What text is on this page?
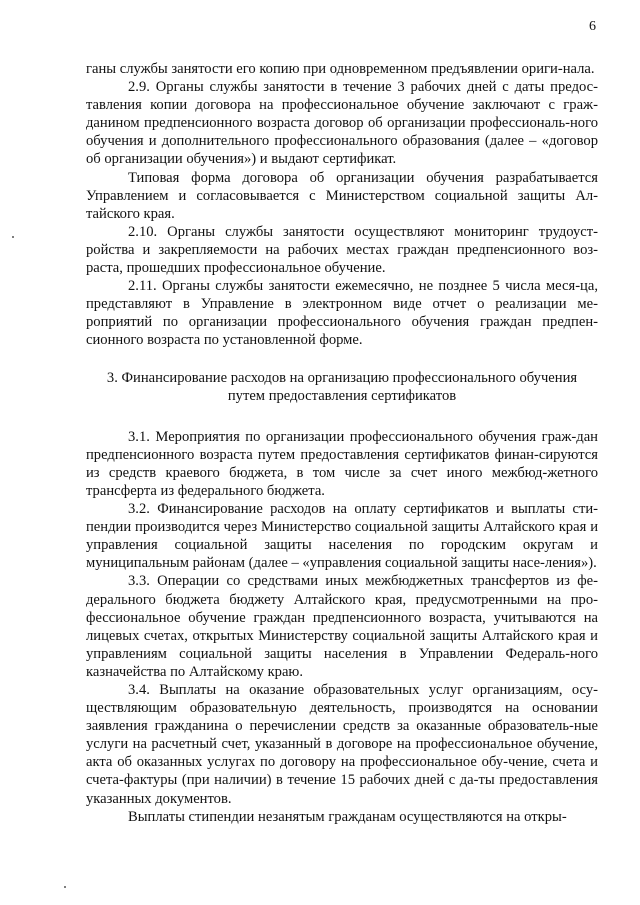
6

ганы службы занятости его копию при одновременном предъявлении ориги-нала.

2.9. Органы службы занятости в течение 3 рабочих дней с даты предос-тавления копии договора на профессиональное обучение заключают с граж-данином предпенсионного возраста договор об организации профессиональ-ного обучения и дополнительного профессионального образования (далее – «договор об организации обучения») и выдают сертификат.

Типовая форма договора об организации обучения разрабатывается Управлением и согласовывается с Министерством социальной защиты Ал-тайского края.

2.10. Органы службы занятости осуществляют мониторинг трудоуст-ройства и закрепляемости на рабочих местах граждан предпенсионного воз-раста, прошедших профессиональное обучение.

2.11. Органы службы занятости ежемесячно, не позднее 5 числа меся-ца, представляют в Управление в электронном виде отчет о реализации ме-роприятий по организации профессионального обучения граждан предпен-сионного возраста по установленной форме.

3. Финансирование расходов на организацию профессионального обучения
путем предоставления сертификатов

3.1. Мероприятия по организации профессионального обучения граж-дан предпенсионного возраста путем предоставления сертификатов финан-сируются из средств краевого бюджета, в том числе за счет иного межбюд-жетного трансферта из федерального бюджета.

3.2. Финансирование расходов на оплату сертификатов и выплаты сти-пендии производится через Министерство социальной защиты Алтайского края и управления социальной защиты населения по городским округам и муниципальным районам (далее – «управления социальной защиты насе-ления»).

3.3. Операции со средствами иных межбюджетных трансфертов из фе-дерального бюджета бюджету Алтайского края, предусмотренными на про-фессиональное обучение граждан предпенсионного возраста, учитываются на лицевых счетах, открытых Министерству социальной защиты Алтайского края и управлениям социальной защиты населения в Управлении Федераль-ного казначейства по Алтайскому краю.

3.4. Выплаты на оказание образовательных услуг организациям, осу-ществляющим образовательную деятельность, производятся на основании заявления гражданина о перечислении средств за оказанные образователь-ные услуги на расчетный счет, указанный в договоре на профессиональное обучение, акта об оказанных услугах по договору на профессиональное обу-чение, счета и счета-фактуры (при наличии) в течение 15 рабочих дней с да-ты предоставления указанных документов.

Выплаты стипендии незанятым гражданам осуществляются на откры-
